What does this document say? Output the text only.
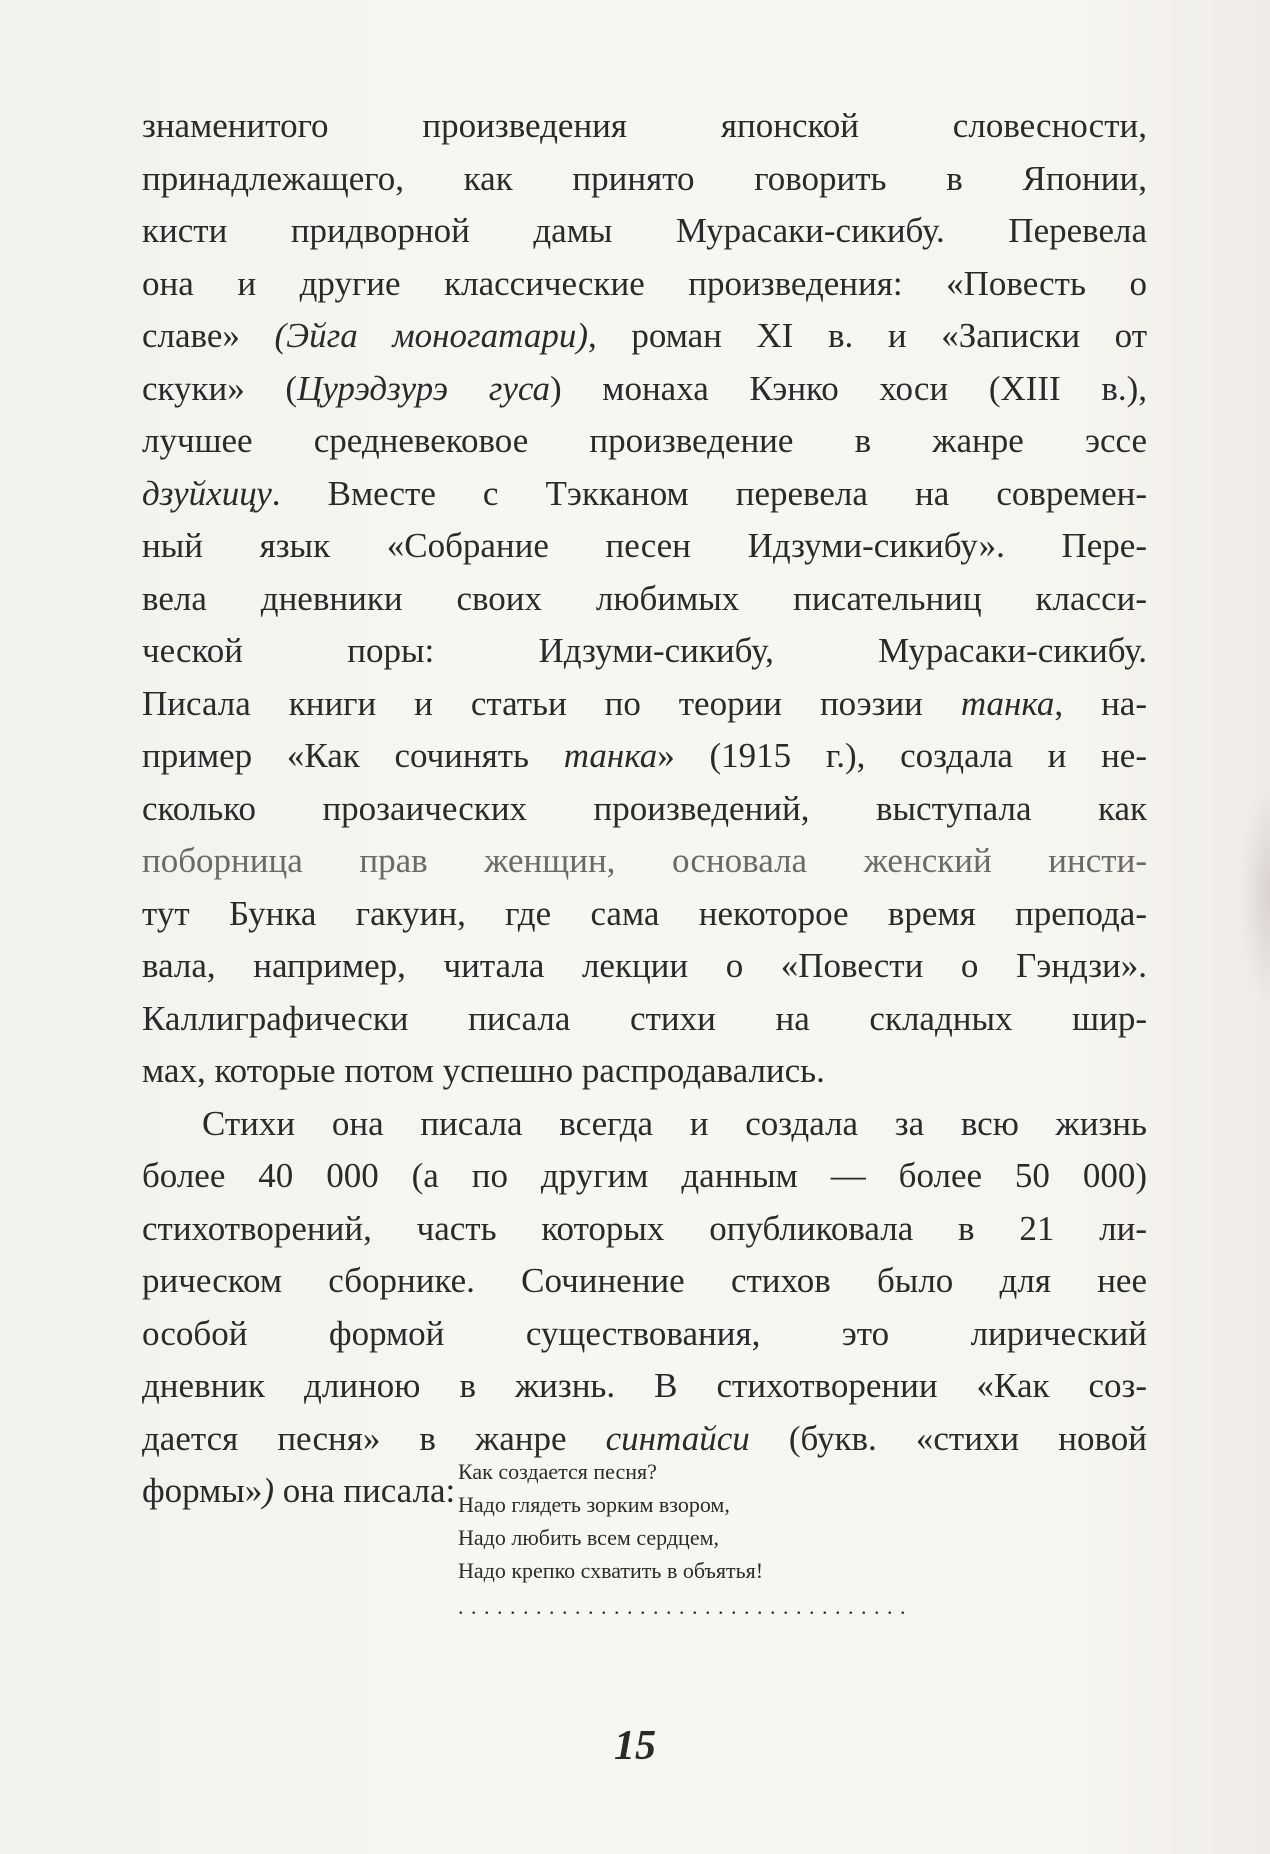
знаменитого произведения японской словесности,
принадлежащего, как принято говорить в Японии,
кисти придворной дамы Мурасаки-сикибу. Перевела
она и другие классические произведения: «Повесть о
славе» (Эйга моногатари), роман XI в. и «Записки от
скуки» (Цурэдзурэ гуса) монаха Кэнко хоси (XIII в.),
лучшее средневековое произведение в жанре эссе
дзуйхицу. Вместе с Тэкканом перевела на современ-
ный язык «Собрание песен Идзуми-сикибу». Пере-
вела дневники своих любимых писательниц класси-
ческой поры: Идзуми-сикибу, Мурасаки-сикибу.
Писала книги и статьи по теории поэзии танка, на-
пример «Как сочинять танка» (1915 г.), создала и не-
сколько прозаических произведений, выступала как
поборница прав женщин, основала женский инсти-
тут Бунка гакуин, где сама некоторое время препода-
вала, например, читала лекции о «Повести о Гэндзи».
Каллиграфически писала стихи на складных шир-
мах, которые потом успешно распродавались.
Стихи она писала всегда и создала за всю жизнь
более 40 000 (а по другим данным — более 50 000)
стихотворений, часть которых опубликовала в 21 ли-
рическом сборнике. Сочинение стихов было для нее
особой формой существования, это лирический
дневник длиною в жизнь. В стихотворении «Как соз-
дается песня» в жанре синтайси (букв. «стихи новой
формы») она писала: Как создается песня?
Надо глядеть зорким взором,
Надо любить всем сердцем,
Надо крепко схватить в объятья!
. . . . . . . . . . . . . . . . . . . . . . . . . . . . . . . . . . .
15
